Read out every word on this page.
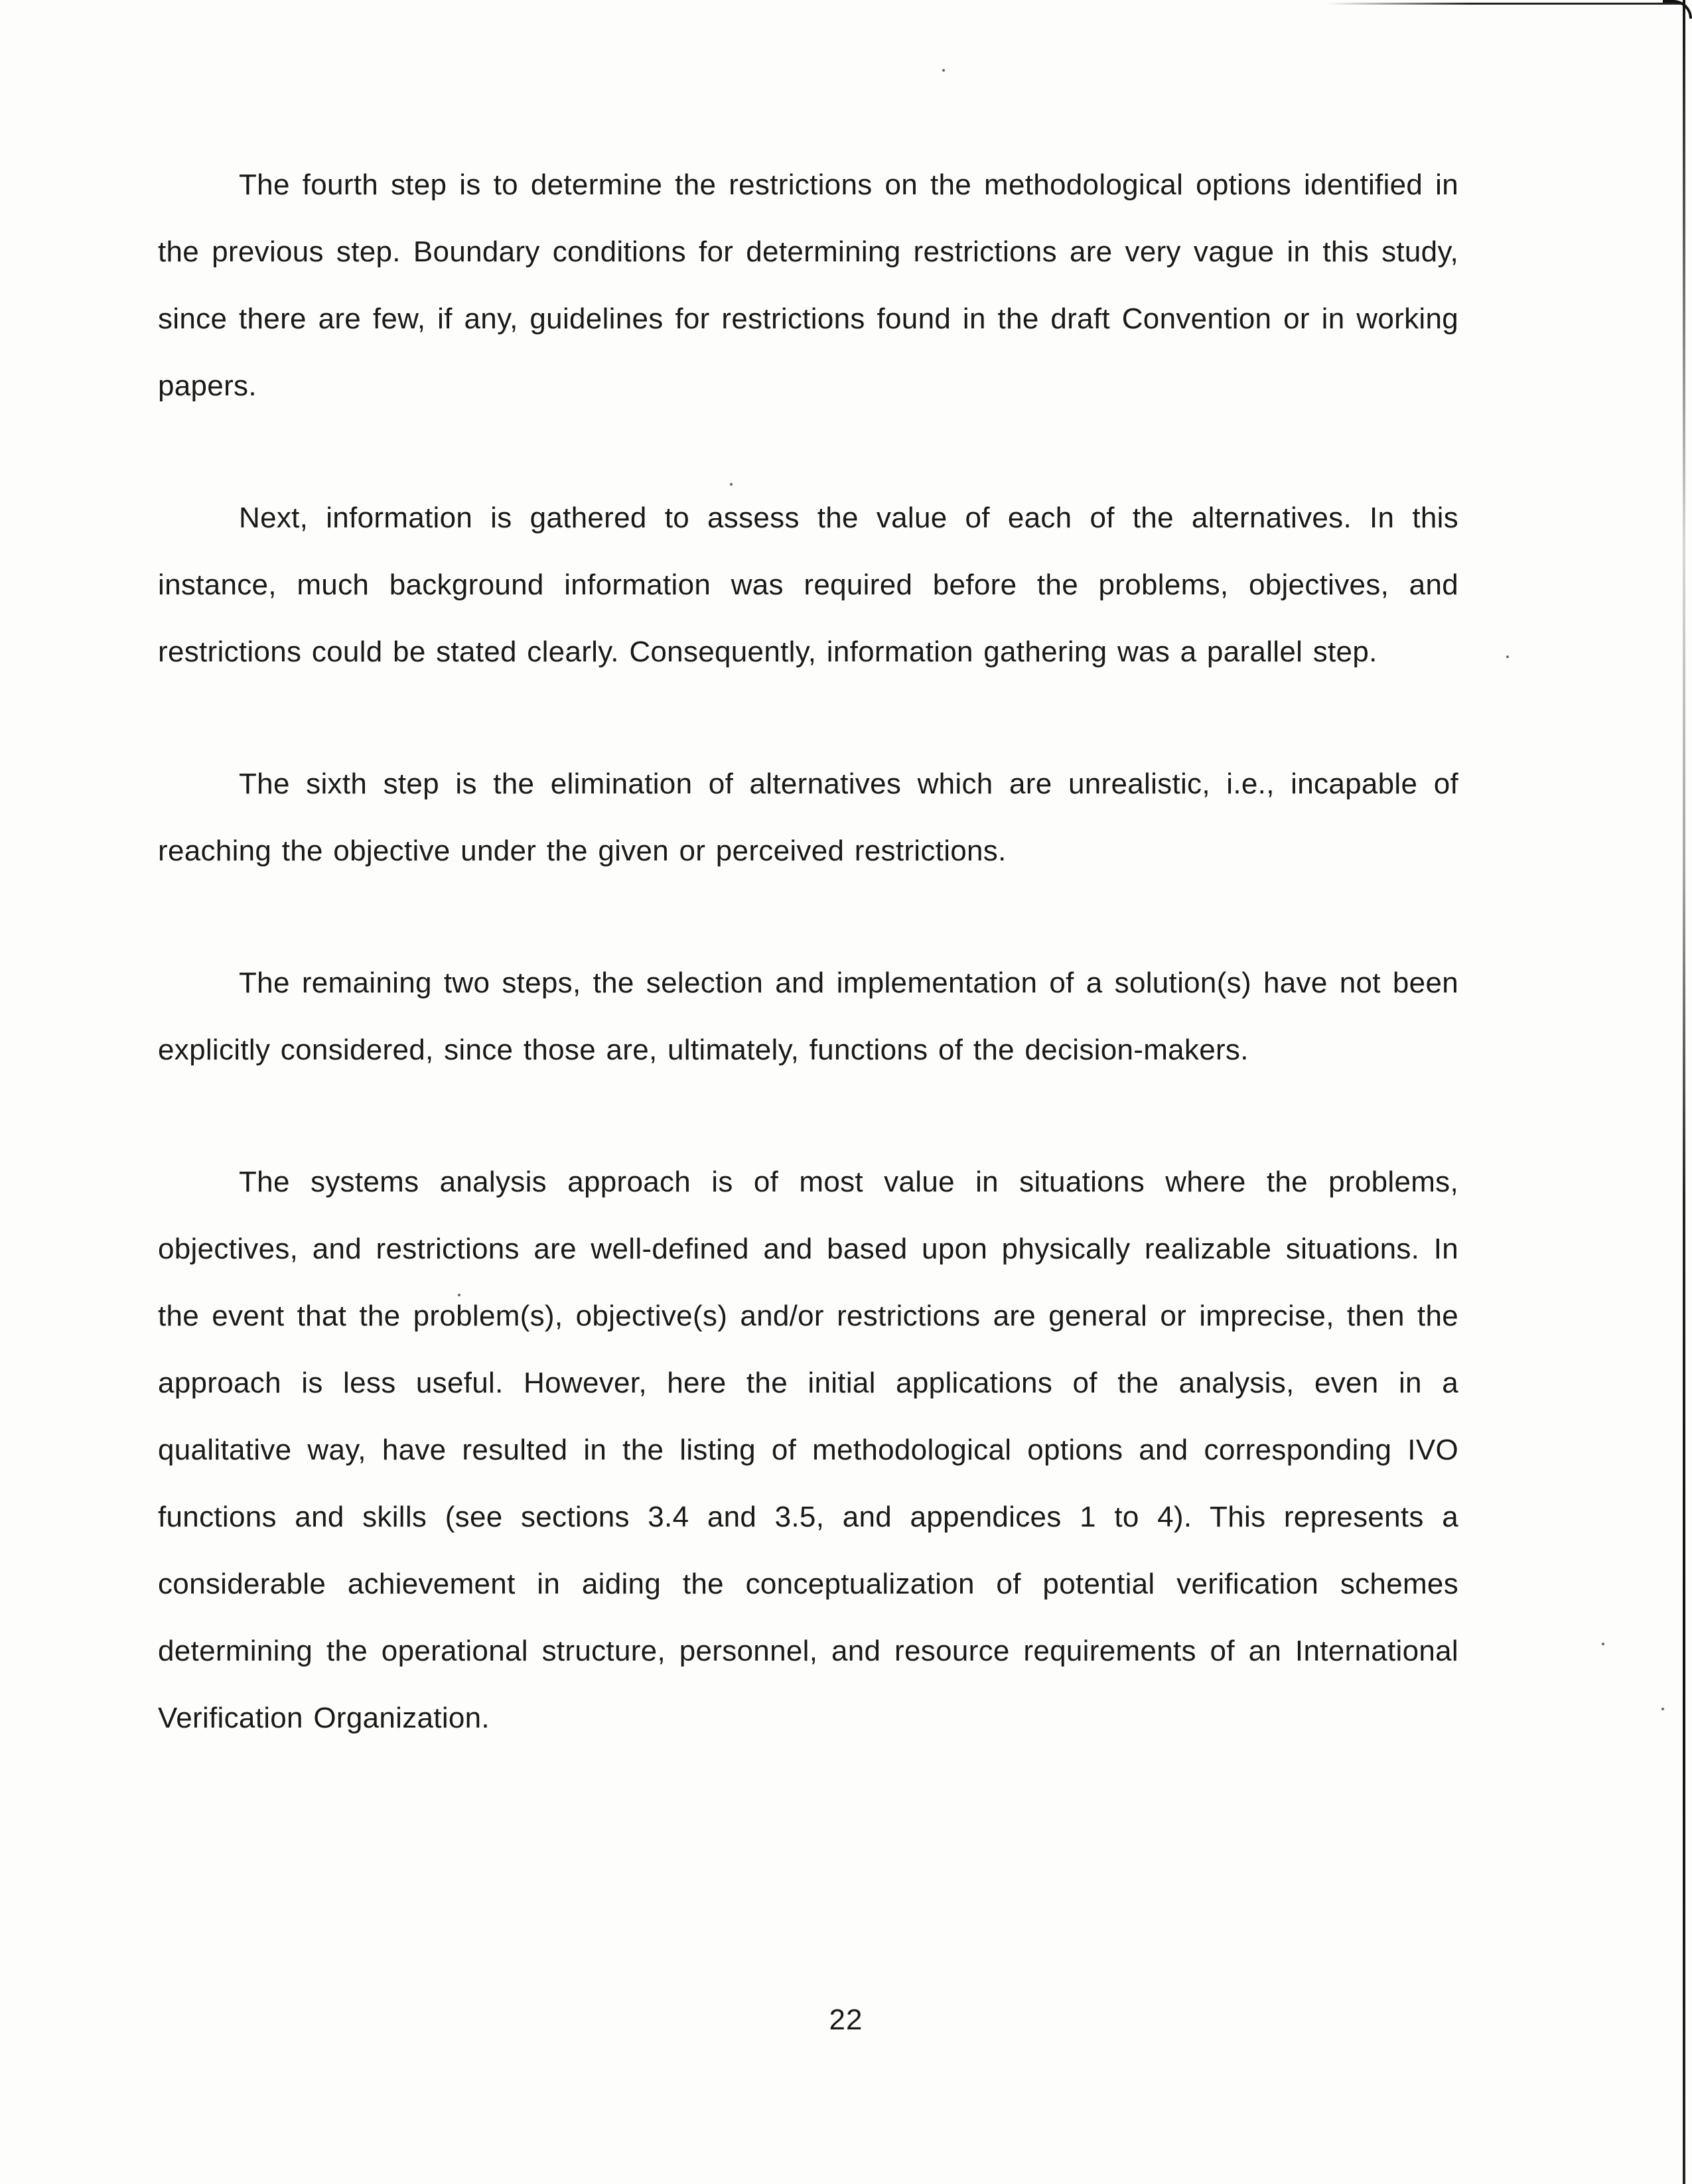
The fourth step is to determine the restrictions on the methodological options identified in the previous step. Boundary conditions for determining restrictions are very vague in this study, since there are few, if any, guidelines for restrictions found in the draft Convention or in working papers.

Next, information is gathered to assess the value of each of the alternatives. In this instance, much background information was required before the problems, objectives, and restrictions could be stated clearly. Consequently, information gathering was a parallel step.

The sixth step is the elimination of alternatives which are unrealistic, i.e., incapable of reaching the objective under the given or perceived restrictions.

The remaining two steps, the selection and implementation of a solution(s) have not been explicitly considered, since those are, ultimately, functions of the decision-makers.

The systems analysis approach is of most value in situations where the problems, objectives, and restrictions are well-defined and based upon physically realizable situations. In the event that the problem(s), objective(s) and/or restrictions are general or imprecise, then the approach is less useful. However, here the initial applications of the analysis, even in a qualitative way, have resulted in the listing of methodological options and corresponding IVO functions and skills (see sections 3.4 and 3.5, and appendices 1 to 4). This represents a considerable achievement in aiding the conceptualization of potential verification schemes determining the operational structure, personnel, and resource requirements of an International Verification Organization.

22
